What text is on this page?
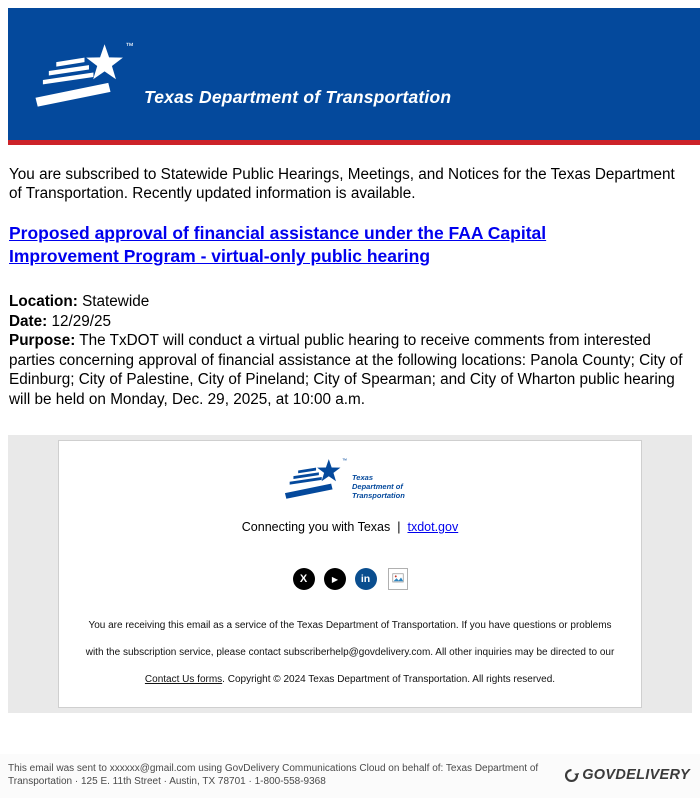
™
Texas Department of Transportation
You are subscribed to Statewide Public Hearings, Meetings, and Notices for the Texas Department
of Transportation. Recently updated information is available.
Proposed approval of financial assistance under the FAA Capital Improvement Program - virtual-only public hearing

Location: Statewide

Date: 12/29/25

Purpose: The TxDOT will conduct a virtual public hearing to receive comments from interested parties concerning approval of financial assistance at the following locations: Panola County; City of Edinburg; City of Palestine, City of Pineland; City of Spearman; and City of Wharton public hearing will be held on Monday, Dec. 29, 2025, at 10:00 a.m.

™
Texas Department of Transportation
Connecting you with Texas | txdot.gov
X	▶	in

You are receiving this email as a service of the Texas Department of Transportation. If you have questions or problems

with the subscription service, please contact subscriberhelp@govdelivery.com. All other inquiries may be directed to our

Contact Us forms. Copyright © 2024 Texas Department of Transportation. All rights reserved.

This email was sent to xxxxxx@gmail.com using GovDelivery Communications Cloud on behalf of: Texas Department of
Transportation · 125 E. 11th Street · Austin, TX 78701 · 1-800-558-9368	GOVDELIVERY
